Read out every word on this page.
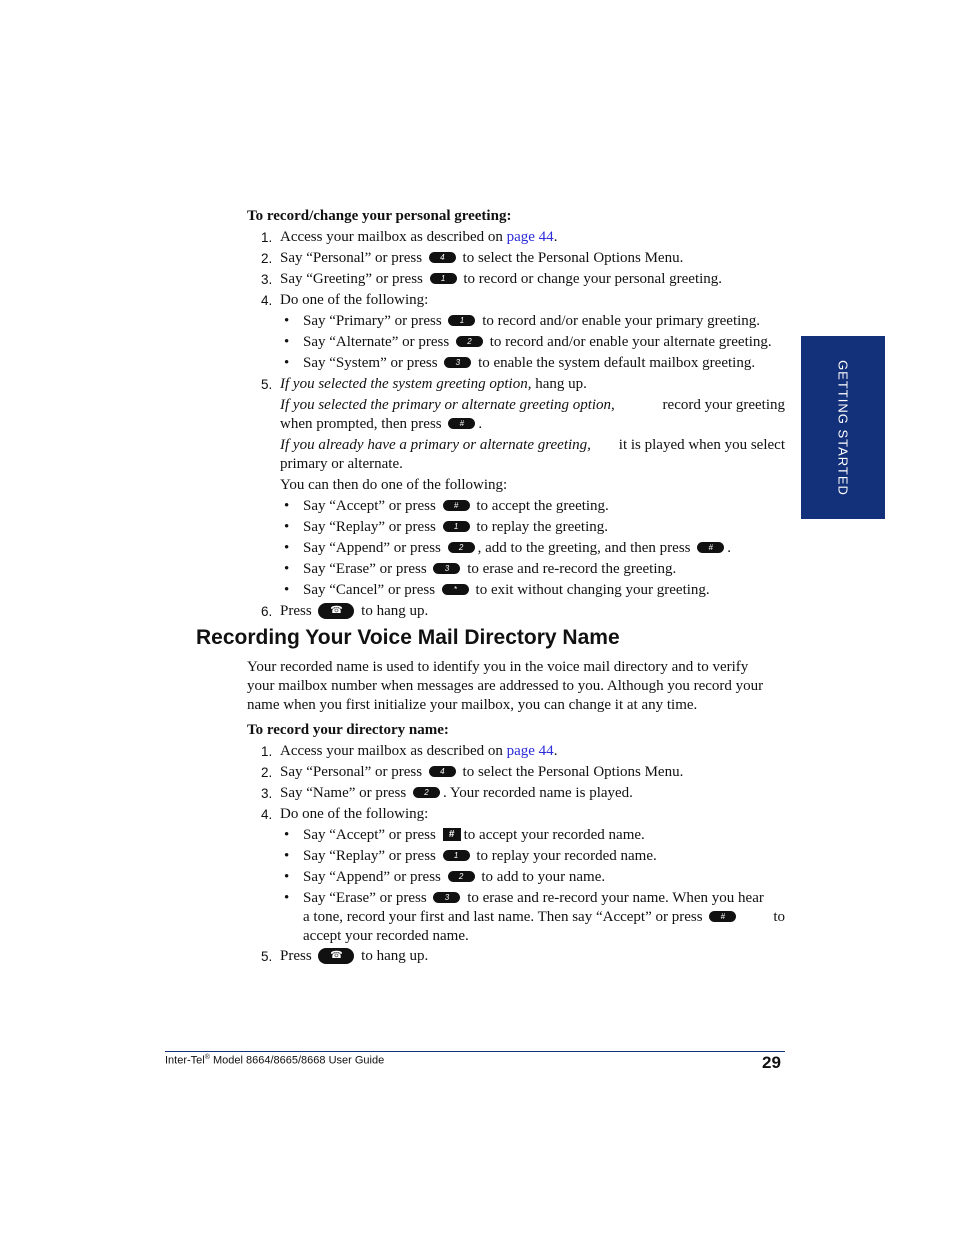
To record/change your personal greeting:
1. Access your mailbox as described on page 44.
2. Say “Personal” or press 4 to select the Personal Options Menu.
3. Say “Greeting” or press 1 to record or change your personal greeting.
4. Do one of the following:
• Say “Primary” or press 1 to record and/or enable your primary greeting.
• Say “Alternate” or press 2 to record and/or enable your alternate greeting.
• Say “System” or press 3 to enable the system default mailbox greeting.
5. If you selected the system greeting option, hang up.
If you selected the primary or alternate greeting option,	record your greeting
when prompted, then press # .
If you already have a primary or alternate greeting, it is played when you select
primary or alternate.
You can then do one of the following:
• Say “Accept” or press # to accept the greeting.
• Say “Replay” or press 1 to replay the greeting.
• Say “Append” or press 2 , add to the greeting, and then press # .
• Say “Erase” or press 3 to erase and re-record the greeting.
• Say “Cancel” or press * to exit without changing your greeting.
6. Press ☎ to hang up.
Recording Your Voice Mail Directory Name
Your recorded name is used to identify you in the voice mail directory and to verify
your mailbox number when messages are addressed to you. Although you record your
name when you first initialize your mailbox, you can change it at any time.
To record your directory name:
1. Access your mailbox as described on page 44.
2. Say “Personal” or press 4 to select the Personal Options Menu.
3. Say “Name” or press 2 . Your recorded name is played.
4. Do one of the following:
• Say “Accept” or press # to accept your recorded name.
• Say “Replay” or press 1 to replay your recorded name.
• Say “Append” or press 2 to add to your name.
• Say “Erase” or press 3 to erase and re-record your name. When you hear
a tone, record your first and last name. Then say “Accept” or press #	to
accept your recorded name.
5. Press ☎ to hang up.
GETTING STARTED
Inter-Tel® Model 8664/8665/8668 User Guide	29
